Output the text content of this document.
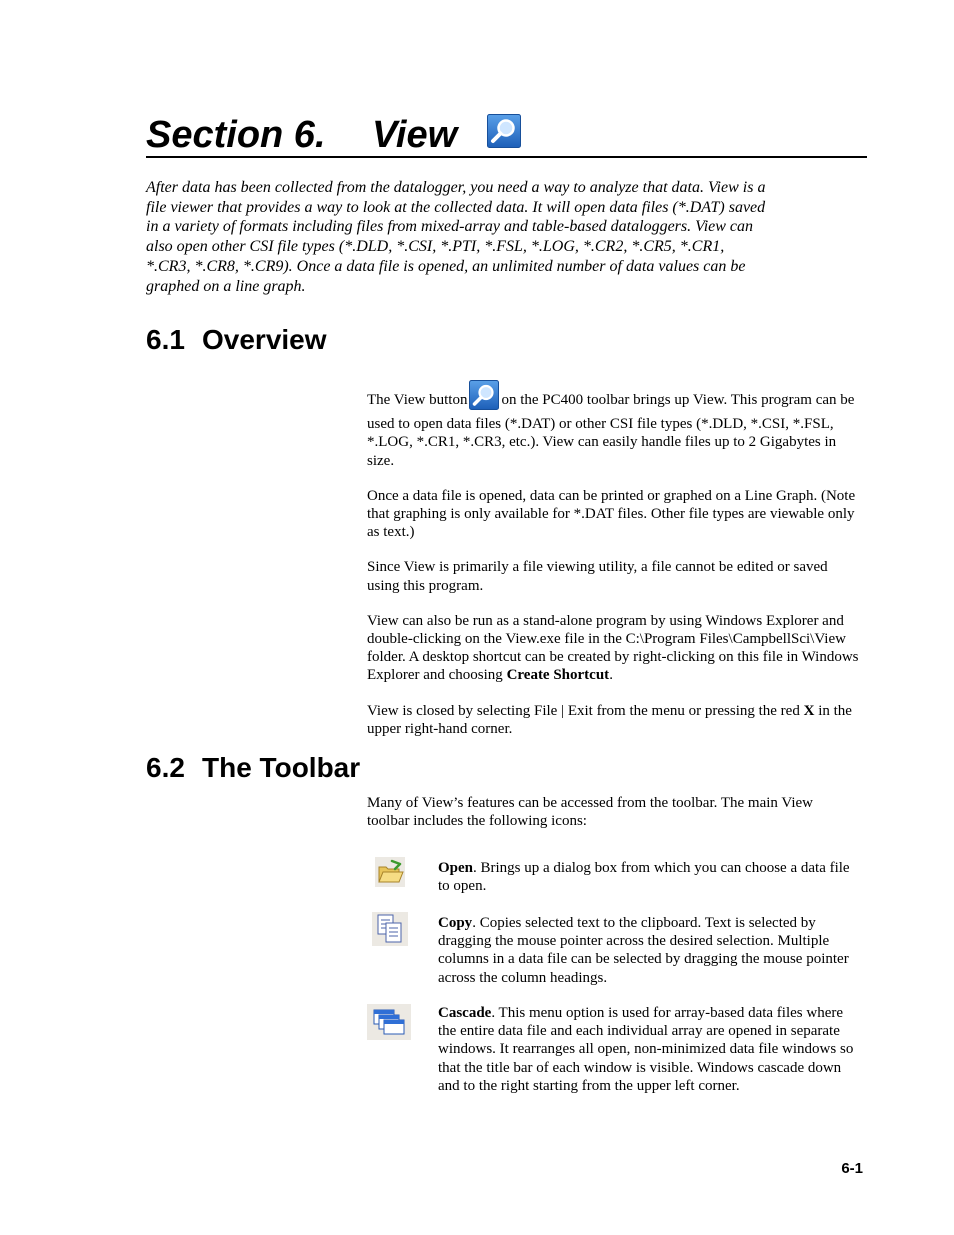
Section 6. View

After data has been collected from the datalogger, you need a way to analyze that data. View is a file viewer that provides a way to look at the collected data. It will open data files (*.DAT) saved in a variety of formats including files from mixed-array and table-based dataloggers. View can also open other CSI file types (*.DLD, *.CSI, *.PTI, *.FSL, *.LOG, *.CR2, *.CR5, *.CR1, *.CR3, *.CR8, *.CR9). Once a data file is opened, an unlimited number of data values can be graphed on a line graph.

6.1 Overview

The View button on the PC400 toolbar brings up View. This program can be used to open data files (*.DAT) or other CSI file types (*.DLD, *.CSI, *.FSL, *.LOG, *.CR1, *.CR3, etc.). View can easily handle files up to 2 Gigabytes in size.

Once a data file is opened, data can be printed or graphed on a Line Graph. (Note that graphing is only available for *.DAT files. Other file types are viewable only as text.)

Since View is primarily a file viewing utility, a file cannot be edited or saved using this program.

View can also be run as a stand-alone program by using Windows Explorer and double-clicking on the View.exe file in the C:\Program Files\CampbellSci\View folder. A desktop shortcut can be created by right-clicking on this file in Windows Explorer and choosing Create Shortcut.

View is closed by selecting File | Exit from the menu or pressing the red X in the upper right-hand corner.

6.2 The Toolbar

Many of View’s features can be accessed from the toolbar. The main View toolbar includes the following icons:

Open. Brings up a dialog box from which you can choose a data file to open.
Copy. Copies selected text to the clipboard. Text is selected by dragging the mouse pointer across the desired selection. Multiple columns in a data file can be selected by dragging the mouse pointer across the column headings.
Cascade. This menu option is used for array-based data files where the entire data file and each individual array are opened in separate windows. It rearranges all open, non-minimized data file windows so that the title bar of each window is visible. Windows cascade down and to the right starting from the upper left corner.
6-1
